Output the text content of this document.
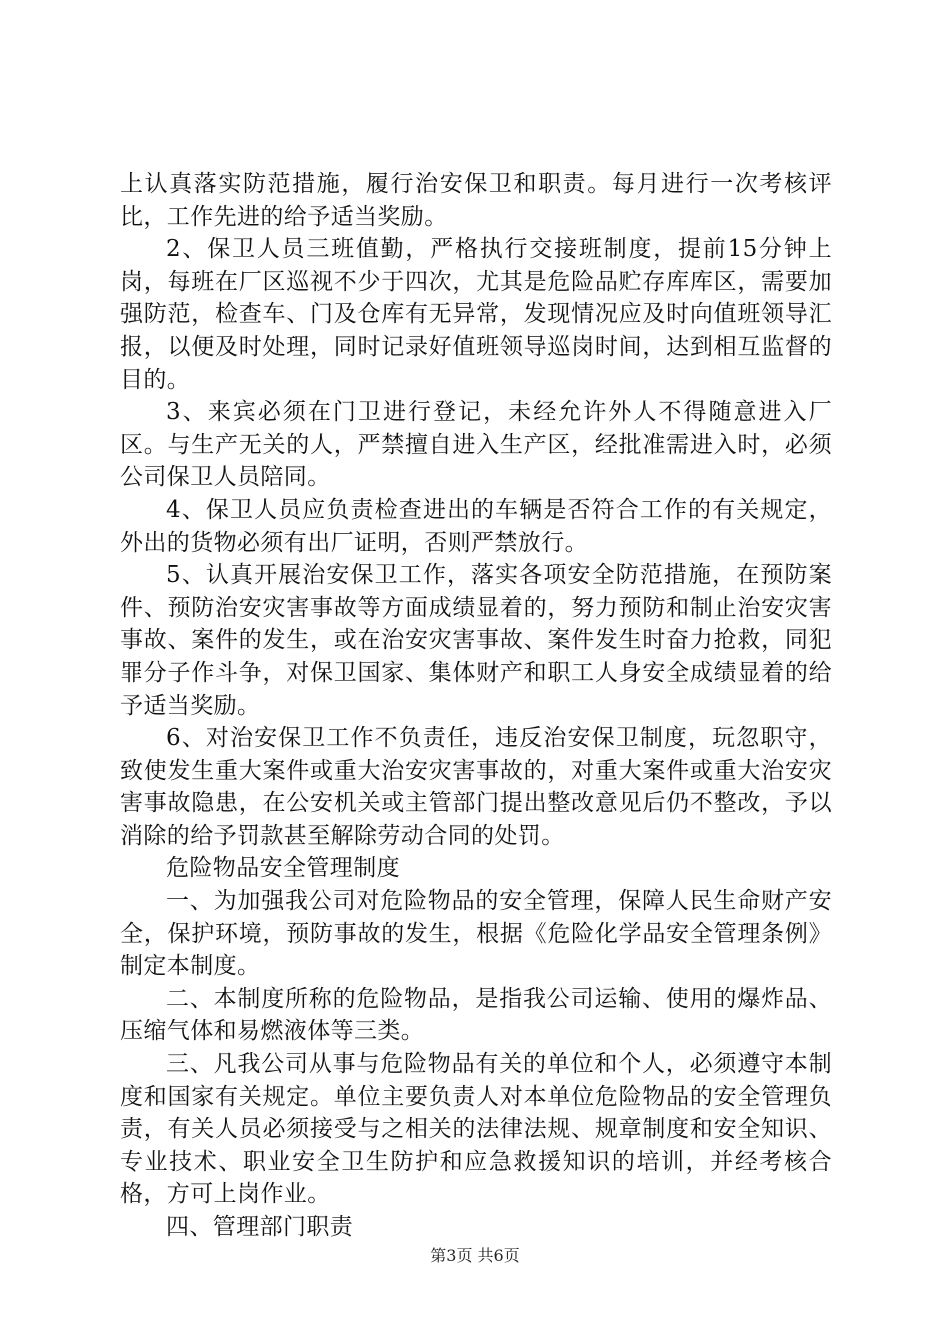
上认真落实防范措施，履行治安保卫和职责。每月进行一次考核评比，工作先进的给予适当奖励。

2、保卫人员三班值勤，严格执行交接班制度，提前15分钟上岗，每班在厂区巡视不少于四次，尤其是危险品贮存库库区，需要加强防范，检查车、门及仓库有无异常，发现情况应及时向值班领导汇报，以便及时处理，同时记录好值班领导巡岗时间，达到相互监督的目的。

3、来宾必须在门卫进行登记，未经允许外人不得随意进入厂区。与生产无关的人，严禁擅自进入生产区，经批准需进入时，必须公司保卫人员陪同。

4、保卫人员应负责检查进出的车辆是否符合工作的有关规定，外出的货物必须有出厂证明，否则严禁放行。

5、认真开展治安保卫工作，落实各项安全防范措施，在预防案件、预防治安灾害事故等方面成绩显着的，努力预防和制止治安灾害事故、案件的发生，或在治安灾害事故、案件发生时奋力抢救，同犯罪分子作斗争，对保卫国家、集体财产和职工人身安全成绩显着的给予适当奖励。

6、对治安保卫工作不负责任，违反治安保卫制度，玩忽职守，致使发生重大案件或重大治安灾害事故的，对重大案件或重大治安灾害事故隐患，在公安机关或主管部门提出整改意见后仍不整改，予以消除的给予罚款甚至解除劳动合同的处罚。

危险物品安全管理制度

一、为加强我公司对危险物品的安全管理，保障人民生命财产安全，保护环境，预防事故的发生，根据《危险化学品安全管理条例》制定本制度。

二、本制度所称的危险物品，是指我公司运输、使用的爆炸品、压缩气体和易燃液体等三类。

三、凡我公司从事与危险物品有关的单位和个人，必须遵守本制度和国家有关规定。单位主要负责人对本单位危险物品的安全管理负责，有关人员必须接受与之相关的法律法规、规章制度和安全知识、专业技术、职业安全卫生防护和应急救援知识的培训，并经考核合格，方可上岗作业。

四、管理部门职责

第3页 共6页
